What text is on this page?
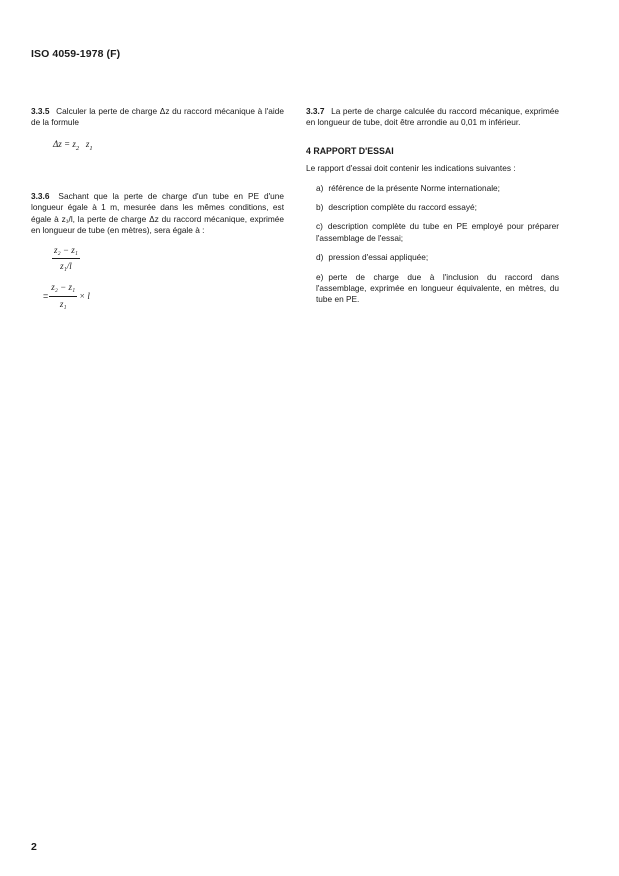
ISO 4059-1978 (F)

3.3.5 Calculer la perte de charge Δz du raccord mécanique à l'aide de la formule

$\Delta z = z_2$ $z_1$

3.3.6 Sachant que la perte de charge d'un tube en PE d'une longueur égale à 1 m, mesurée dans les mêmes conditions, est égale à z₁/l, la perte de charge Δz du raccord mécanique, exprimée en longueur de tube (en mètres), sera égale à :

$\frac{\text{z₂ − z₁}}{\text{z₁/l}}$
= $\frac{\text{z₂ − z₁}}{\text{z₁}} \times l$

3.3.7 La perte de charge calculée du raccord mécanique, exprimée en longueur de tube, doit être arrondie au 0,01 m inférieur.

4 RAPPORT D'ESSAI

Le rapport d'essai doit contenir les indications suivantes :

a) référence de la présente Norme internationale;
b) description complète du raccord essayé;
c) description complète du tube en PE employé pour préparer l'assemblage de l'essai;
d) pression d'essai appliquée;
e) perte de charge due à l'inclusion du raccord dans l'assemblage, exprimée en longueur équivalente, en mètres, du tube en PE.
2
